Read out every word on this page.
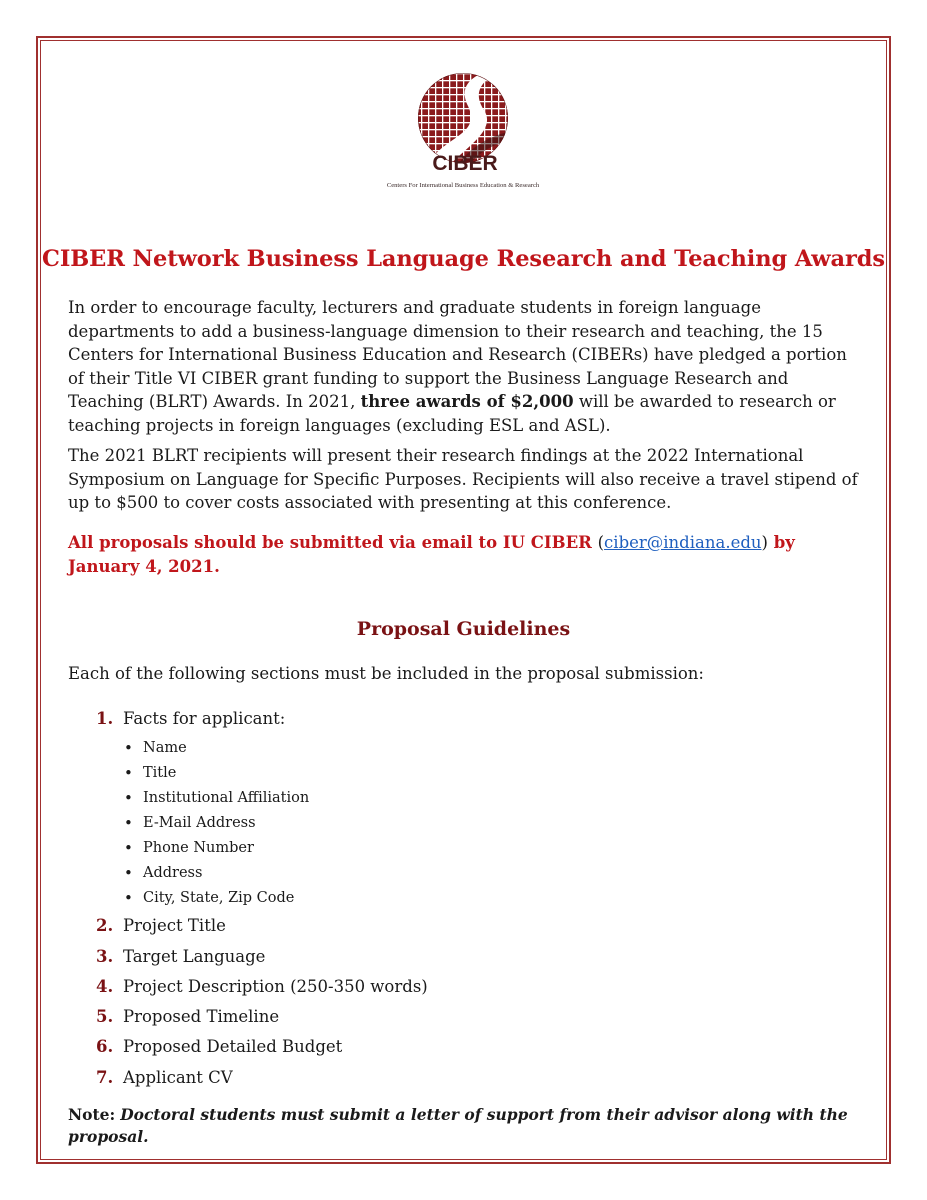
CIBER
Centers For International Business Education & Research
CIBER Network Business Language Research and Teaching Awards

In order to encourage faculty, lecturers and graduate students in foreign language departments to add a business-language dimension to their research and teaching, the 15 Centers for International Business Education and Research (CIBERs) have pledged a portion of their Title VI CIBER grant funding to support the Business Language Research and Teaching (BLRT) Awards. In 2021, three awards of $2,000 will be awarded to research or teaching projects in foreign languages (excluding ESL and ASL).

The 2021 BLRT recipients will present their research findings at the 2022 International Symposium on Language for Specific Purposes. Recipients will also receive a travel stipend of up to $500 to cover costs associated with presenting at this conference.

All proposals should be submitted via email to IU CIBER (ciber@indiana.edu) by January 4, 2021.

Proposal Guidelines

Each of the following sections must be included in the proposal submission:

1. Facts for applicant:
• Name
• Title
• Institutional Affiliation
• E-Mail Address
• Phone Number
• Address
• City, State, Zip Code
2. Project Title
3. Target Language
4. Project Description (250-350 words)
5. Proposed Timeline
6. Proposed Detailed Budget
7. Applicant CV

Note: Doctoral students must submit a letter of support from their advisor along with the proposal.
